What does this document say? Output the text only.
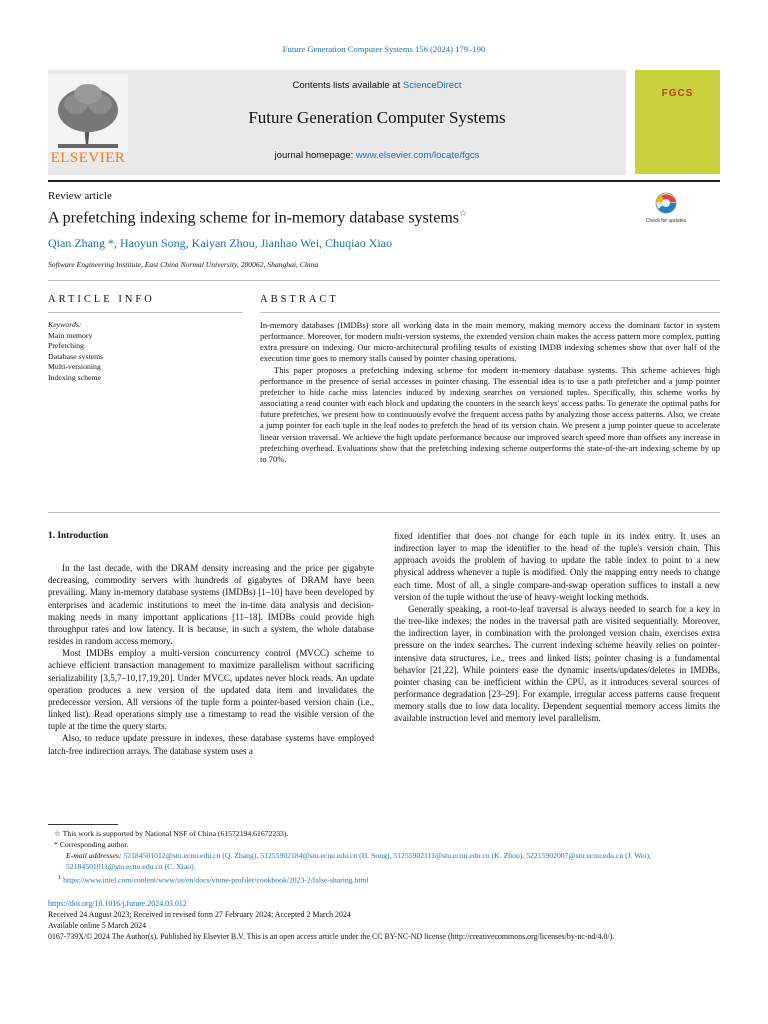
Future Generation Computer Systems 156 (2024) 179–190
ELSEVIER
Contents lists available at ScienceDirect
Future Generation Computer Systems
journal homepage: www.elsevier.com/locate/fgcs
FGCS
Review article
A prefetching indexing scheme for in-memory database systems☆
Check for updates
Qian Zhang *, Haoyun Song, Kaiyan Zhou, Jianhao Wei, Chuqiao Xiao
Software Engineering Institute, East China Normal University, 200062, Shanghai, China
ARTICLE INFO	ABSTRACT
Keywords:
Main memory
Prefetching
Database systems
Multi-versioning
Indexing scheme

In-memory databases (IMDBs) store all working data in the main memory, making memory access the dominant factor in system performance. Moreover, for modern multi-version systems, the extended version chain makes the access pattern more complex, putting extra pressure on indexing. Our micro-architectural profiling results of existing IMDB indexing schemes show that over half of the execution time goes to memory stalls caused by pointer chasing operations.

This paper proposes a prefetching indexing scheme for modern in-memory database systems. This scheme achieves high performance in the presence of serial accesses in pointer chasing. The essential idea is to use a path prefetcher and a jump pointer prefetcher to hide cache miss latencies induced by indexing searches on versioned tuples. Specifically, this scheme works by associating a read counter with each block and updating the counters in the search keys' access paths. To generate the optimal paths for future prefetches, we present how to continuously evolve the frequent access paths by analyzing those access patterns. Also, we create a jump pointer for each tuple in the leaf nodes to prefetch the head of its version chain. We present a jump pointer queue to accelerate linear version traversal. We achieve the high update performance because our improved search speed more than offsets any increase in prefetching overhead. Evaluations show that the prefetching indexing scheme outperforms the state-of-the-art indexing scheme by up to 70%.

1. Introduction

In the last decade, with the DRAM density increasing and the price per gigabyte decreasing, commodity servers with hundreds of gigabytes of DRAM have been prevailing. Many in-memory database systems (IMDBs) [1–10] have been developed by enterprises and academic institutions to meet the in-time data analysis and decision-making needs in many important applications [11–18]. IMDBs could provide high throughput rates and low latency. It is because, in such a system, the whole database resides in random access memory.

Most IMDBs employ a multi-version concurrency control (MVCC) scheme to achieve efficient transaction management to maximize parallelism without sacrificing serializability [3,5,7–10,17,19,20]. Under MVCC, updates never block reads. An update operation produces a new version of the updated data item and invalidates the predecessor version. All versions of the tuple form a pointer-based version chain (i.e., linked list). Read operations simply use a timestamp to read the visible version of the tuple at the time the query starts.

Also, to reduce update pressure in indexes, these database systems have employed latch-free indirection arrays. The database system uses a

fixed identifier that does not change for each tuple in its index entry. It uses an indirection layer to map the identifier to the head of the tuple's version chain. This approach avoids the problem of having to update the table index to point to a new physical address whenever a tuple is modified. Only the mapping entry needs to change each time. Most of all, a single compare-and-swap operation suffices to install a new version of the tuple without the use of heavy-weight locking methods.

Generally speaking, a root-to-leaf traversal is always needed to search for a key in the tree-like indexes; the nodes in the traversal path are visited sequentially. Moreover, the indirection layer, in combination with the prolonged version chain, exercises extra pressure on the index searches. The current indexing scheme heavily relies on pointer-intensive data structures, i.e., trees and linked lists; pointer chasing is a fundamental behavior [21,22]. While pointers ease the dynamic inserts/updates/deletes in IMDBs, pointer chasing can be inefficient within the CPU, as it introduces several sources of performance degradation [23–29]. For example, irregular access patterns cause frequent memory stalls due to low data locality. Dependent sequential memory access limits the available instruction level and memory level parallelism.

☆ This work is supported by National NSF of China (61572194,61672233).
* Corresponding author.
E-mail addresses: 52184501012@stu.ecnu.edu.cn (Q. Zhang), 51255902184@stu.ecnu.edu.cn (H. Song), 51255902111@stu.ecnu.edu.cn (K. Zhou), 52215902007@stu.ecnu.edu.cn (J. Wei), 52184501011@stu.ecnu.edu.cn (C. Xiao).
$^1$ https://www.intel.com/content/www/us/en/docs/vtune-profiler/cookbook/2023-2/false-sharing.html
https://doi.org/10.1016/j.future.2024.03.012
Received 24 August 2023; Received in revised form 27 February 2024; Accepted 2 March 2024
Available online 5 March 2024
0167-739X/© 2024 The Author(s). Published by Elsevier B.V. This is an open access article under the CC BY-NC-ND license (http://creativecommons.org/licenses/by-nc-nd/4.0/).
